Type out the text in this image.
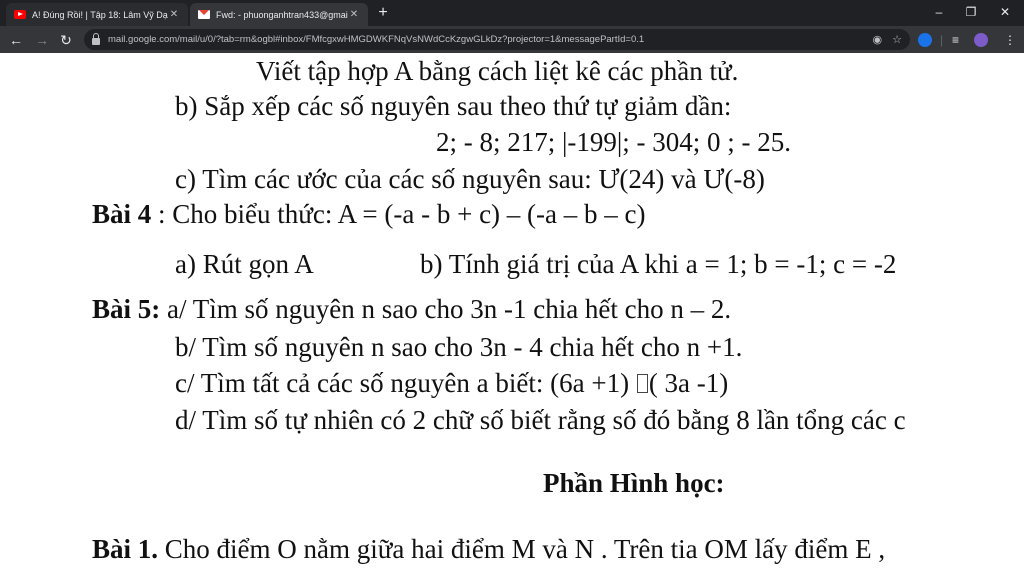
A! Đúng Rồi! | Tập 18: Lâm Vỹ Dạ ✕	Fwd: - phuonganhtran433@gmai ✕ +	–	❐	✕
← → ↻	mail.google.com/mail/u/0/?tab=rm&ogbl#inbox/FMfcgxwHMGDWKFNqVsNWdCcKzgwGLkDz?projector=1&messagePartId=0.1	◉ ☆	| ≡	⋮
Viết tập hợp A bằng cách liệt kê các phần tử.
b) Sắp xếp các số nguyên sau theo thứ tự giảm dần:
2; - 8; 217; |-199|; - 304; 0 ; - 25.
c) Tìm các ước của các số nguyên sau: Ư(24) và Ư(-8)
Bài 4 : Cho biểu thức: A = (-a - b + c) – (-a – b – c)
a) Rút gọn A	b) Tính giá trị của A khi a = 1; b = -1; c = -2
Bài 5: a/ Tìm số nguyên n sao cho 3n -1 chia hết cho n – 2.
b/ Tìm số nguyên n sao cho 3n - 4 chia hết cho n +1.
c/ Tìm tất cả các số nguyên a biết: (6a +1) ( 3a -1)
d/ Tìm số tự nhiên có 2 chữ số biết rằng số đó bằng 8 lần tổng các c
Phần Hình học:
Bài 1. Cho điểm O nằm giữa hai điểm M và N . Trên tia OM lấy điểm E ,
